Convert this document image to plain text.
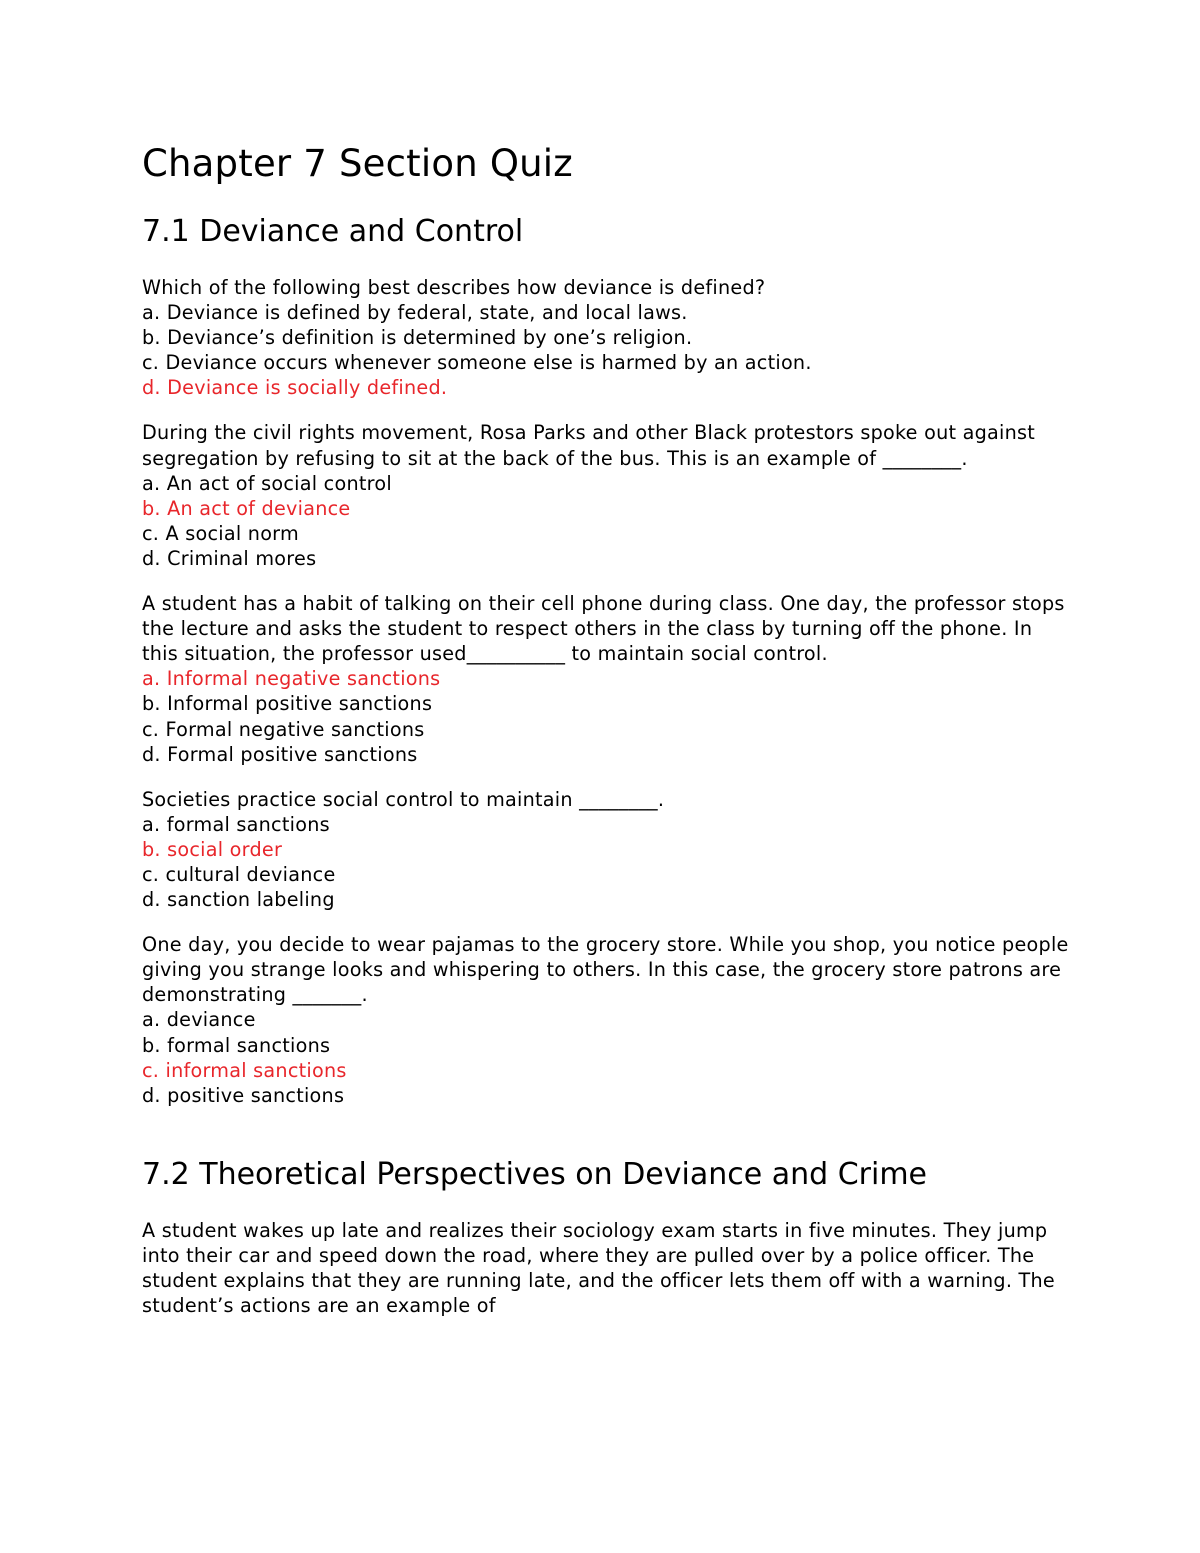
Chapter 7 Section Quiz
7.1 Deviance and Control

Which of the following best describes how deviance is defined?

a. Deviance is defined by federal, state, and local laws.

b. Deviance’s definition is determined by one’s religion.

c. Deviance occurs whenever someone else is harmed by an action.

d. Deviance is socially defined.

During the civil rights movement, Rosa Parks and other Black protestors spoke out against segregation by refusing to sit at the back of the bus. This is an example of ________.

a. An act of social control

b. An act of deviance

c. A social norm

d. Criminal mores

A student has a habit of talking on their cell phone during class. One day, the professor stops the lecture and asks the student to respect others in the class by turning off the phone. In this situation, the professor used__________ to maintain social control.

a. Informal negative sanctions

b. Informal positive sanctions

c. Formal negative sanctions

d. Formal positive sanctions

Societies practice social control to maintain ________.

a. formal sanctions

b. social order

c. cultural deviance

d. sanction labeling

One day, you decide to wear pajamas to the grocery store. While you shop, you notice people giving you strange looks and whispering to others. In this case, the grocery store patrons are demonstrating _______.

a. deviance

b. formal sanctions

c. informal sanctions

d. positive sanctions

7.2 Theoretical Perspectives on Deviance and Crime

A student wakes up late and realizes their sociology exam starts in five minutes. They jump into their car and speed down the road, where they are pulled over by a police officer. The student explains that they are running late, and the officer lets them off with a warning. The student’s actions are an example of
